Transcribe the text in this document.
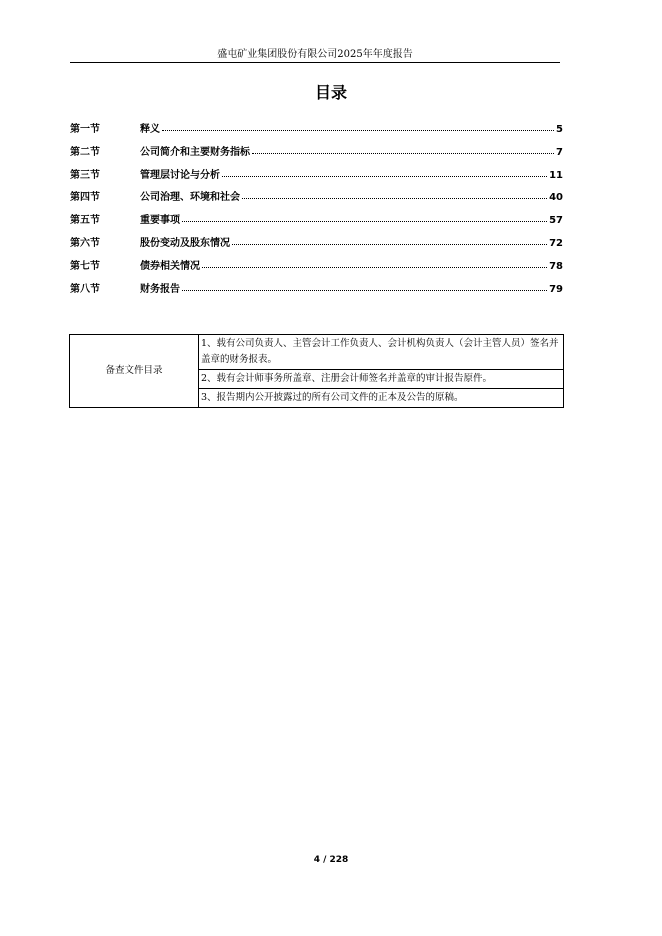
盛屯矿业集团股份有限公司2025年年度报告
目录
第一节	释义	5
第二节	公司简介和主要财务指标	7
第三节	管理层讨论与分析	11
第四节	公司治理、环境和社会	40
第五节	重要事项	57
第六节	股份变动及股东情况	72
第七节	债券相关情况	78
第八节	财务报告	79
备查文件目录	1、载有公司负责人、主管会计工作负责人、会计机构负责人（会计主管人员）签名并盖章的财务报表。
2、载有会计师事务所盖章、注册会计师签名并盖章的审计报告原件。
3、报告期内公开披露过的所有公司文件的正本及公告的原稿。
4 / 228
